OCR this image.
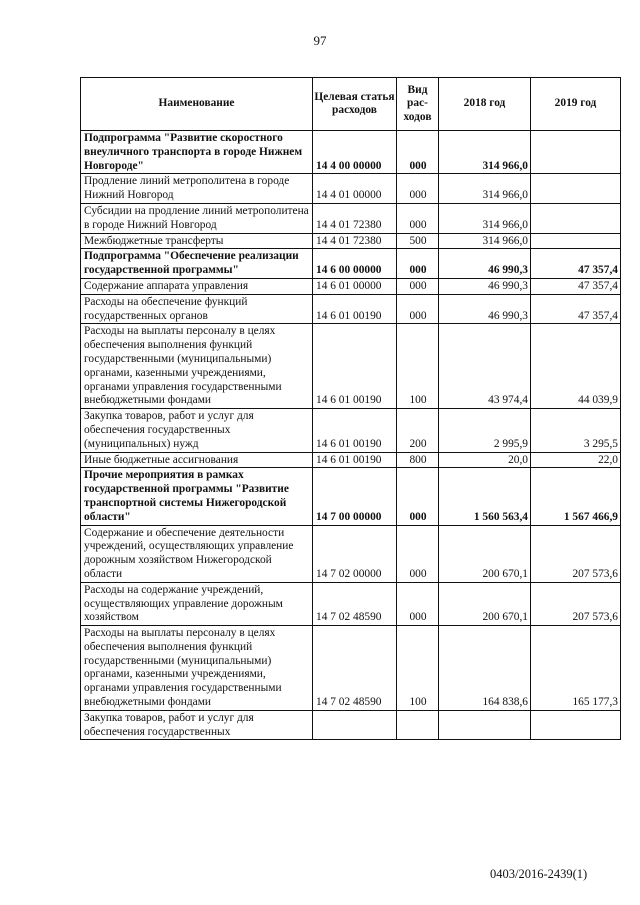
97
Наименование	Целевая статья расходов	Вид рас-ходов	2018 год	2019 год
Подпрограмма "Развитие скоростного внеуличного транспорта в городе Нижнем Новгороде"	14 4 00 00000	000	314 966,0	
Продление линий метрополитена в городе Нижний Новгород	14 4 01 00000	000	314 966,0	
Субсидии на продление линий метрополитена в городе Нижний Новгород	14 4 01 72380	000	314 966,0	
Межбюджетные трансферты	14 4 01 72380	500	314 966,0	
Подпрограмма "Обеспечение реализации государственной программы"	14 6 00 00000	000	46 990,3	47 357,4
Содержание аппарата управления	14 6 01 00000	000	46 990,3	47 357,4
Расходы на обеспечение функций государственных органов	14 6 01 00190	000	46 990,3	47 357,4
Расходы на выплаты персоналу в целях обеспечения выполнения функций государственными (муниципальными) органами, казенными учреждениями, органами управления государственными внебюджетными фондами	14 6 01 00190	100	43 974,4	44 039,9
Закупка товаров, работ и услуг для обеспечения государственных (муниципальных) нужд	14 6 01 00190	200	2 995,9	3 295,5
Иные бюджетные ассигнования	14 6 01 00190	800	20,0	22,0
Прочие мероприятия в рамках государственной программы "Развитие транспортной системы Нижегородской области"	14 7 00 00000	000	1 560 563,4	1 567 466,9
Содержание и обеспечение деятельности учреждений, осуществляющих управление дорожным хозяйством Нижегородской области	14 7 02 00000	000	200 670,1	207 573,6
Расходы на содержание учреждений, осуществляющих управление дорожным хозяйством	14 7 02 48590	000	200 670,1	207 573,6
Расходы на выплаты персоналу в целях обеспечения выполнения функций государственными (муниципальными) органами, казенными учреждениями, органами управления государственными внебюджетными фондами	14 7 02 48590	100	164 838,6	165 177,3
Закупка товаров, работ и услуг для обеспечения государственных				
0403/2016-2439(1)
